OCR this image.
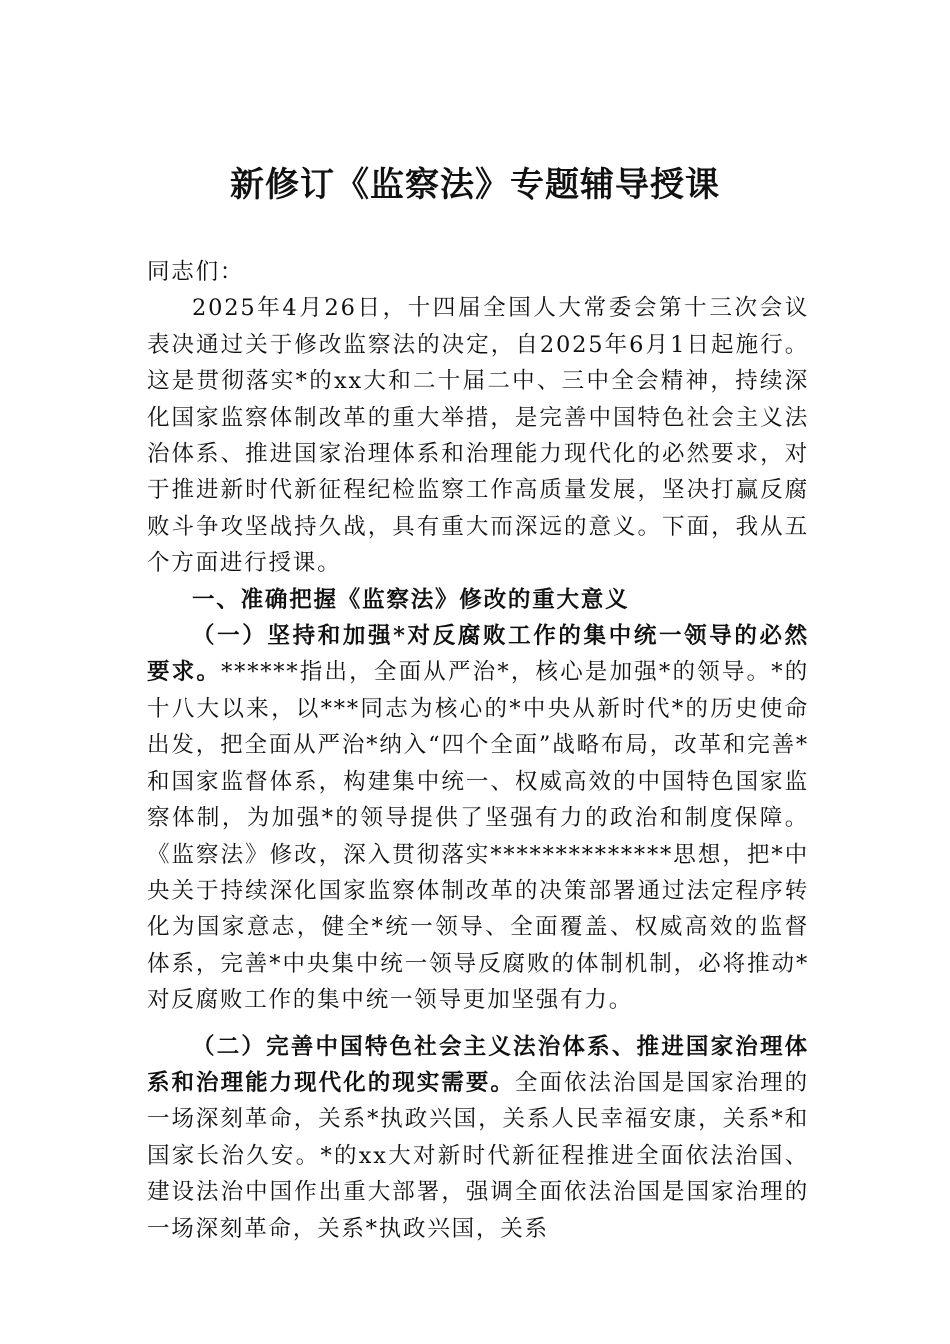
新修订《监察法》专题辅导授课

同志们：

2025年4月26日，十四届全国人大常委会第十三次会议表决通过关于修改监察法的决定，自2025年6月1日起施行。这是贯彻落实*的xx大和二十届二中、三中全会精神，持续深化国家监察体制改革的重大举措，是完善中国特色社会主义法治体系、推进国家治理体系和治理能力现代化的必然要求，对于推进新时代新征程纪检监察工作高质量发展，坚决打赢反腐败斗争攻坚战持久战，具有重大而深远的意义。下面，我从五个方面进行授课。

一、准确把握《监察法》修改的重大意义

（一）坚持和加强*对反腐败工作的集中统一领导的必然要求。******指出，全面从严治*，核心是加强*的领导。*的十八大以来，以***同志为核心的*中央从新时代*的历史使命出发，把全面从严治*纳入“四个全面”战略布局，改革和完善*和国家监督体系，构建集中统一、权威高效的中国特色国家监察体制，为加强*的领导提供了坚强有力的政治和制度保障。《监察法》修改，深入贯彻落实**************思想，把*中央关于持续深化国家监察体制改革的决策部署通过法定程序转化为国家意志，健全*统一领导、全面覆盖、权威高效的监督体系，完善*中央集中统一领导反腐败的体制机制，必将推动*对反腐败工作的集中统一领导更加坚强有力。

（二）完善中国特色社会主义法治体系、推进国家治理体系和治理能力现代化的现实需要。全面依法治国是国家治理的一场深刻革命，关系*执政兴国，关系人民幸福安康，关系*和国家长治久安。*的xx大对新时代新征程推进全面依法治国、建设法治中国作出重大部署，强调全面依法治国是国家治理的一场深刻革命，关系*执政兴国，关系
